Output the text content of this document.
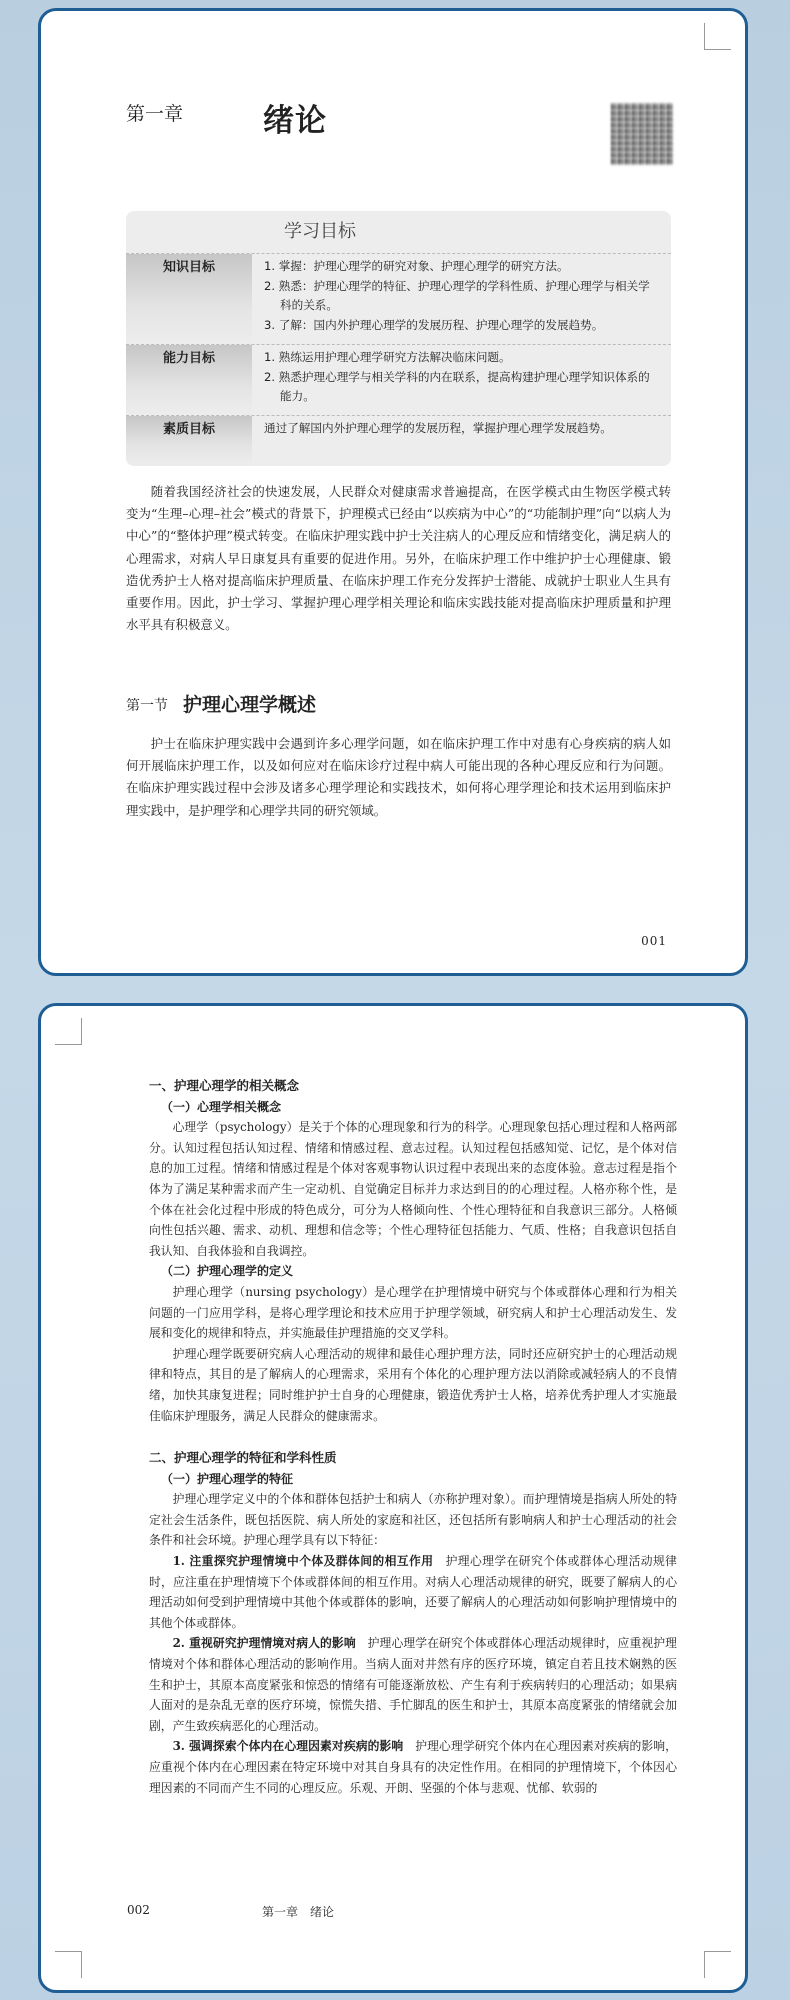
第一章	绪论
学习目标
知识目标	1. 掌握：护理心理学的研究对象、护理心理学的研究方法。
2. 熟悉：护理心理学的特征、护理心理学的学科性质、护理心理学与相关学科的关系。
3. 了解：国内外护理心理学的发展历程、护理心理学的发展趋势。
能力目标	1. 熟练运用护理心理学研究方法解决临床问题。
2. 熟悉护理心理学与相关学科的内在联系，提高构建护理心理学知识体系的能力。
素质目标	通过了解国内外护理心理学的发展历程，掌握护理心理学发展趋势。
随着我国经济社会的快速发展，人民群众对健康需求普遍提高，在医学模式由生物医学模式转变为“生理–心理–社会”模式的背景下，护理模式已经由“以疾病为中心”的“功能制护理”向“以病人为中心”的“整体护理”模式转变。在临床护理实践中护士关注病人的心理反应和情绪变化，满足病人的心理需求，对病人早日康复具有重要的促进作用。另外，在临床护理工作中维护护士心理健康、锻造优秀护士人格对提高临床护理质量、在临床护理工作充分发挥护士潜能、成就护士职业人生具有重要作用。因此，护士学习、掌握护理心理学相关理论和临床实践技能对提高临床护理质量和护理水平具有积极意义。
第一节 护理心理学概述
护士在临床护理实践中会遇到许多心理学问题，如在临床护理工作中对患有心身疾病的病人如何开展临床护理工作，以及如何应对在临床诊疗过程中病人可能出现的各种心理反应和行为问题。在临床护理实践过程中会涉及诸多心理学理论和实践技术，如何将心理学理论和技术运用到临床护理实践中，是护理学和心理学共同的研究领域。
001
一、护理心理学的相关概念
（一）心理学相关概念
心理学（psychology）是关于个体的心理现象和行为的科学。心理现象包括心理过程和人格两部分。认知过程包括认知过程、情绪和情感过程、意志过程。认知过程包括感知觉、记忆，是个体对信息的加工过程。情绪和情感过程是个体对客观事物认识过程中表现出来的态度体验。意志过程是指个体为了满足某种需求而产生一定动机、自觉确定目标并力求达到目的的心理过程。人格亦称个性，是个体在社会化过程中形成的特色成分，可分为人格倾向性、个性心理特征和自我意识三部分。人格倾向性包括兴趣、需求、动机、理想和信念等；个性心理特征包括能力、气质、性格；自我意识包括自我认知、自我体验和自我调控。
（二）护理心理学的定义
护理心理学（nursing psychology）是心理学在护理情境中研究与个体或群体心理和行为相关问题的一门应用学科，是将心理学理论和技术应用于护理学领域，研究病人和护士心理活动发生、发展和变化的规律和特点，并实施最佳护理措施的交叉学科。
护理心理学既要研究病人心理活动的规律和最佳心理护理方法，同时还应研究护士的心理活动规律和特点，其目的是了解病人的心理需求，采用有个体化的心理护理方法以消除或减轻病人的不良情绪，加快其康复进程；同时维护护士自身的心理健康，锻造优秀护士人格，培养优秀护理人才实施最佳临床护理服务，满足人民群众的健康需求。
二、护理心理学的特征和学科性质
（一）护理心理学的特征
护理心理学定义中的个体和群体包括护士和病人（亦称护理对象）。而护理情境是指病人所处的特定社会生活条件，既包括医院、病人所处的家庭和社区，还包括所有影响病人和护士心理活动的社会条件和社会环境。护理心理学具有以下特征：
1. 注重探究护理情境中个体及群体间的相互作用　 护理心理学在研究个体或群体心理活动规律时，应注重在护理情境下个体或群体间的相互作用。对病人心理活动规律的研究，既要了解病人的心理活动如何受到护理情境中其他个体或群体的影响，还要了解病人的心理活动如何影响护理情境中的其他个体或群体。
2. 重视研究护理情境对病人的影响　 护理心理学在研究个体或群体心理活动规律时，应重视护理情境对个体和群体心理活动的影响作用。当病人面对井然有序的医疗环境，镇定自若且技术娴熟的医生和护士，其原本高度紧张和惊恐的情绪有可能逐渐放松、产生有利于疾病转归的心理活动；如果病人面对的是杂乱无章的医疗环境，惊慌失措、手忙脚乱的医生和护士，其原本高度紧张的情绪就会加剧，产生致疾病恶化的心理活动。
3. 强调探索个体内在心理因素对疾病的影响　 护理心理学研究个体内在心理因素对疾病的影响，应重视个体内在心理因素在特定环境中对其自身具有的决定性作用。在相同的护理情境下，个体因心理因素的不同而产生不同的心理反应。乐观、开朗、坚强的个体与悲观、忧郁、软弱的
002	第一章　绪论
